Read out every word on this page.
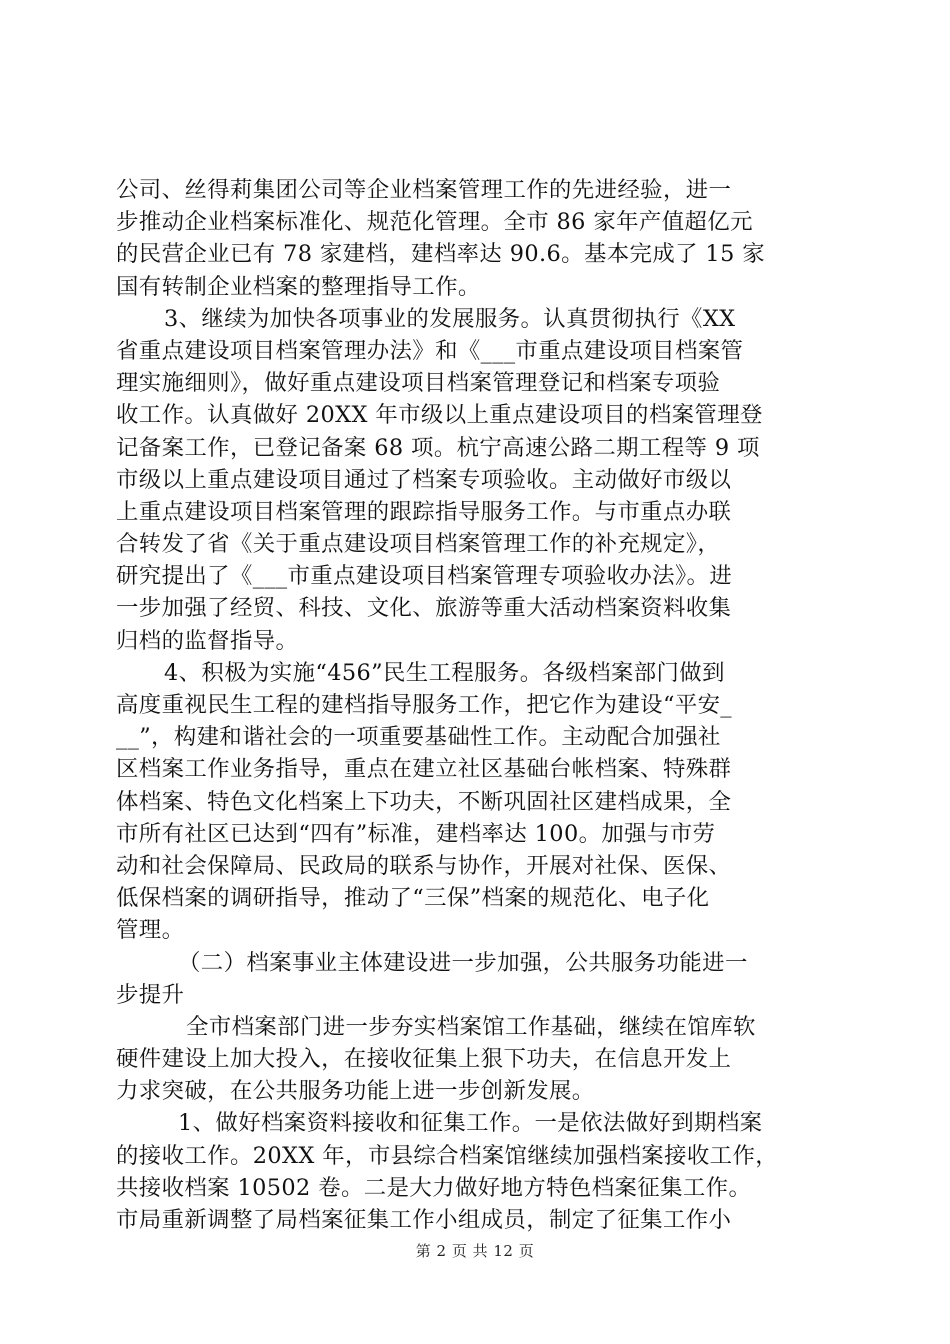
公司、丝得莉集团公司等企业档案管理工作的先进经验，进一
步推动企业档案标准化、规范化管理。全市 86 家年产值超亿元
的民营企业已有 78 家建档，建档率达 90.6。基本完成了 15 家
国有转制企业档案的整理指导工作。
3、继续为加快各项事业的发展服务。认真贯彻执行《XX
省重点建设项目档案管理办法》和《___市重点建设项目档案管
理实施细则》，做好重点建设项目档案管理登记和档案专项验
收工作。认真做好 20XX 年市级以上重点建设项目的档案管理登
记备案工作，已登记备案 68 项。杭宁高速公路二期工程等 9 项
市级以上重点建设项目通过了档案专项验收。主动做好市级以
上重点建设项目档案管理的跟踪指导服务工作。与市重点办联
合转发了省《关于重点建设项目档案管理工作的补充规定》，
研究提出了《___市重点建设项目档案管理专项验收办法》。进
一步加强了经贸、科技、文化、旅游等重大活动档案资料收集
归档的监督指导。
4、积极为实施“456”民生工程服务。各级档案部门做到
高度重视民生工程的建档指导服务工作，把它作为建设“平安_
__”，构建和谐社会的一项重要基础性工作。主动配合加强社
区档案工作业务指导，重点在建立社区基础台帐档案、特殊群
体档案、特色文化档案上下功夫，不断巩固社区建档成果，全
市所有社区已达到“四有”标准，建档率达 100。加强与市劳
动和社会保障局、民政局的联系与协作，开展对社保、医保、
低保档案的调研指导，推动了“三保”档案的规范化、电子化
管理。
（二）档案事业主体建设进一步加强，公共服务功能进一
步提升
全市档案部门进一步夯实档案馆工作基础，继续在馆库软
硬件建设上加大投入，在接收征集上狠下功夫，在信息开发上
力求突破，在公共服务功能上进一步创新发展。
1、做好档案资料接收和征集工作。一是依法做好到期档案
的接收工作。20XX 年，市县综合档案馆继续加强档案接收工作，
共接收档案 10502 卷。二是大力做好地方特色档案征集工作。
市局重新调整了局档案征集工作小组成员，制定了征集工作小
第 2 页 共 12 页
